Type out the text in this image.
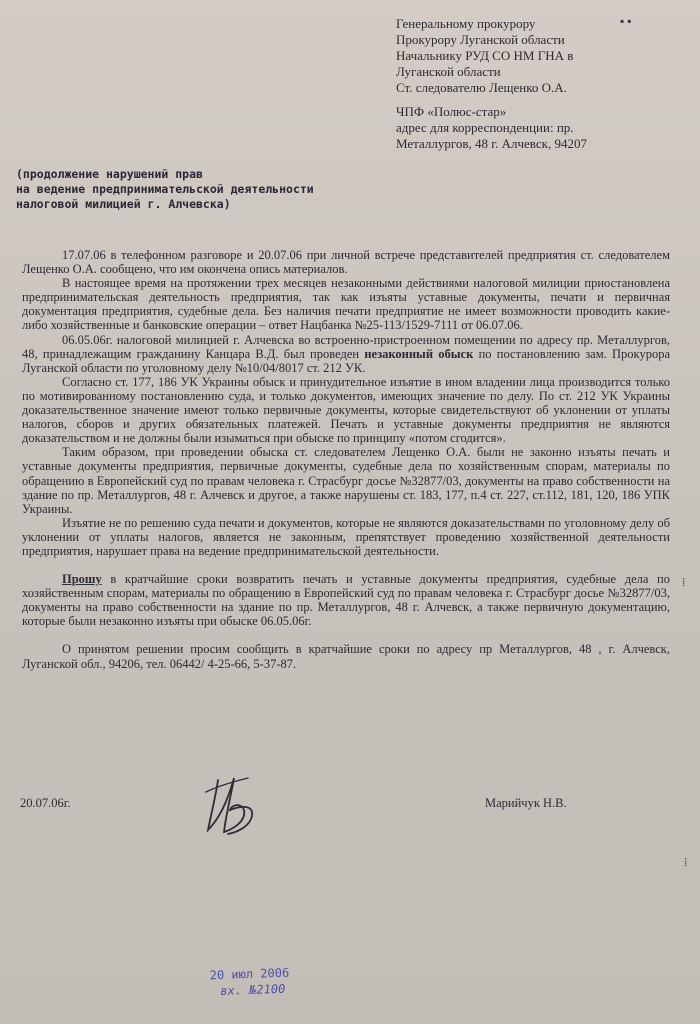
Генеральному прокурору
Прокурору Луганской области
Начальнику РУД СО НМ ГНА в
Луганской области
Ст. следователю Лещенко О.А.
ЧПФ «Полюс-стар»
адрес для корреспонденции: пр.
Металлургов, 48 г. Алчевск, 94207
(продолжение нарушений прав
на ведение предпринимательской деятельности
налоговой милицией г. Алчевска)

17.07.06 в телефонном разговоре и 20.07.06 при личной встрече представителей предприятия ст. следователем Лещенко О.А. сообщено, что им окончена опись материалов.

В настоящее время на протяжении трех месяцев незаконными действиями налоговой милиции приостановлена предпринимательская деятельность предприятия, так как изъяты уставные документы, печати и первичная документация предприятия, судебные дела. Без наличия печати предприятие не имеет возможности проводить какие-либо хозяйственные и банковские операции – ответ Нацбанка №25-113/1529-7111 от 06.07.06.

06.05.06г. налоговой милицией г. Алчевска во встроенно-пристроенном помещении по адресу пр. Металлургов, 48, принадлежащим гражданину Канцара В.Д. был проведен незаконный обыск по постановлению зам. Прокурора Луганской области по уголовному делу №10/04/8017 ст. 212 УК.

Согласно ст. 177, 186 УК Украины обыск и принудительное изъятие в ином владении лица производится только по мотивированному постановлению суда, и только документов, имеющих значение по делу. По ст. 212 УК Украины доказательственное значение имеют только первичные документы, которые свидетельствуют об уклонении от уплаты налогов, сборов и других обязательных платежей. Печать и уставные документы предприятия не являются доказательством и не должны были изыматься при обыске по принципу «потом сгодится».

Таким образом, при проведении обыска ст. следователем Лещенко О.А. были не законно изъяты печать и уставные документы предприятия, первичные документы, судебные дела по хозяйственным спорам, материалы по обращению в Европейский суд по правам человека г. Страсбург досье №32877/03, документы на право собственности на здание по пр. Металлургов, 48 г. Алчевск и другое, а также нарушены ст. 183, 177, п.4 ст. 227, ст.112, 181, 120, 186 УПК Украины.

Изъятие не по решению суда печати и документов, которые не являются доказательствами по уголовному делу об уклонении от уплаты налогов, является не законным, препятствует проведению хозяйственной деятельности предприятия, нарушает права на ведение предпринимательской деятельности.

Прошу в кратчайшие сроки возвратить печать и уставные документы предприятия, судебные дела по хозяйственным спорам, материалы по обращению в Европейский суд по правам человека г. Страсбург досье №32877/03, документы на право собственности на здание по пр. Металлургов, 48 г. Алчевск, а также первичную документацию, которые были незаконно изъяты при обыске 06.05.06г.

О принятом решении просим сообщить в кратчайшие сроки по адресу пр Металлургов, 48 , г. Алчевск, Луганской обл., 94206, тел. 06442/ 4-25-66, 5-37-87.

20.07.06г.	Марийчук Н.В.
20 июл 2006
вх. №2100
▪ ▪
⁞
⁞
